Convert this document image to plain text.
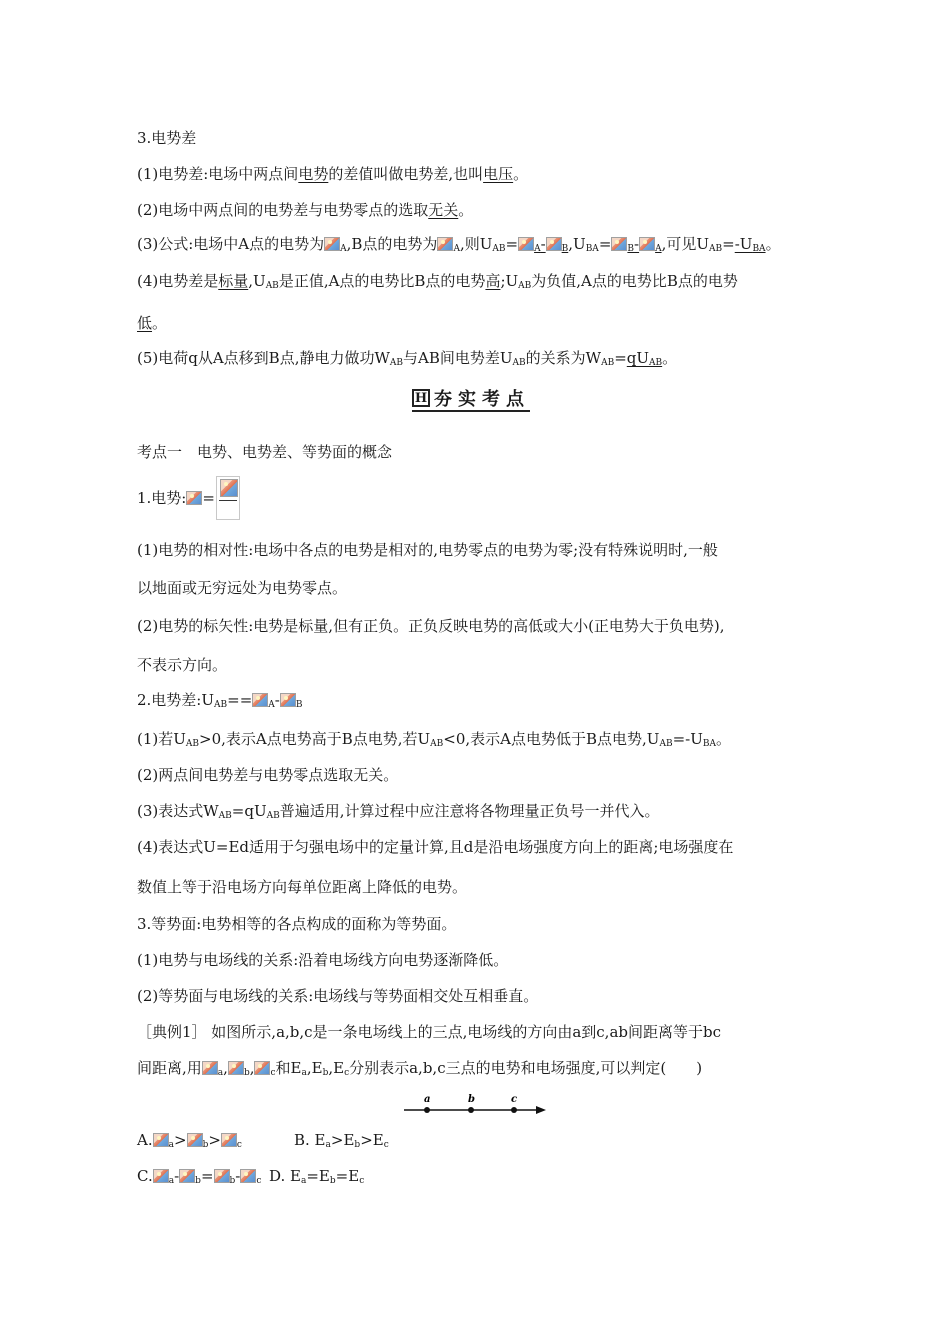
3.电势差
(1)电势差:电场中两点间电势的差值叫做电势差,也叫电压。
(2)电场中两点间的电势差与电势零点的选取无关。
(3)公式:电场中A点的电势为 $_A$,B点的电势为 $_A$,则$U_{AB}= _A-$ $_B,U_{BA}= _B-$ $_A$,可见$U_{AB}=-U_{BA}$。
(4)电势差是标量$,U_{AB}$是正值,A点的电势比B点的电势高$;U_{AB}$为负值,A点的电势比B点的电势
低。
(5)电荷q从A点移到B点,静电力做功$W_{AB}$与AB间电势差$U_{AB}$的关系为$W_{AB}=qU_{AB}$。
H 夯实考点
考点一　电势、电势差、等势面的概念
1.电势: =
(1)电势的相对性:电场中各点的电势是相对的,电势零点的电势为零;没有特殊说明时,一般
以地面或无穷远处为电势零点。
(2)电势的标矢性:电势是标量,但有正负。正负反映电势的高低或大小(正电势大于负电势),
不表示方向。
2.电势差$:U_{AB}== _A-$ $_B$
(1)若$U_{AB}>0$,表示A点电势高于B点电势,若$U_{AB}<0$,表示A点电势低于B点电势$,U_{AB}=-U_{BA}$。
(2)两点间电势差与电势零点选取无关。
(3)表达式$W_{AB}=qU_{AB}$普遍适用,计算过程中应注意将各物理量正负号一并代入。
(4)表达式U=Ed适用于匀强电场中的定量计算,且d是沿电场强度方向上的距离;电场强度在
数值上等于沿电场方向每单位距离上降低的电势。
3.等势面:电势相等的各点构成的面称为等势面。
(1)电势与电场线的关系:沿着电场线方向电势逐渐降低。
(2)等势面与电场线的关系:电场线与等势面相交处互相垂直。
［典例1］ 如图所示,a,b,c是一条电场线上的三点,电场线的方向由a到c,ab间距离等于bc
间距离,用 $_a$, $_b$, $_c$和$E_a,E_b,E_c$分别表示a,b,c三点的电势和电场强度,可以判定(　　)
a	b	c
A. $_a$> $_b$> $_c$	B. $E_a>E_b>E_c$
C. $_a$- $_b$= $_b$- $_c$ D. $E_a=E_b=E_c$
